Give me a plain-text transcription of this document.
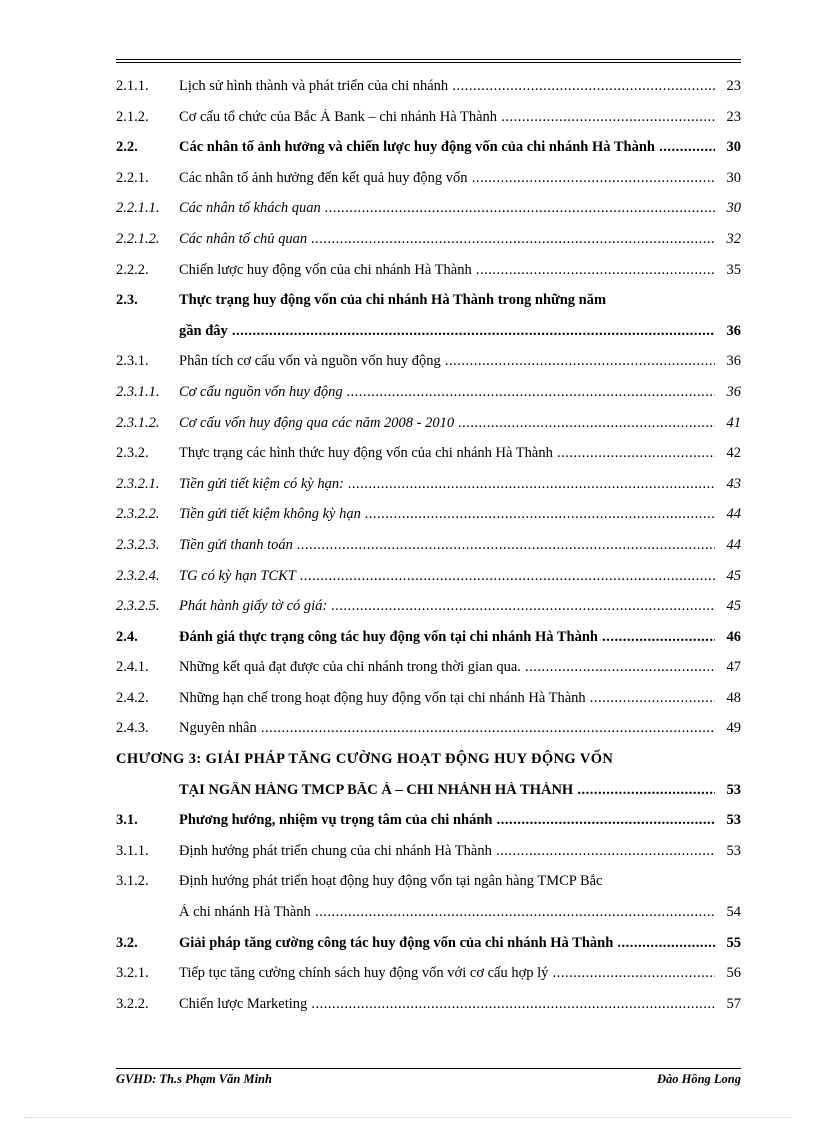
2.1.1. Lịch sử hình thành và phát triển của chi nhánh .....	23
2.1.2. Cơ cấu tổ chức của Bắc Á Bank – chi nhánh Hà Thành .....	23
2.2.	Các nhân tố ảnh hưởng và chiến lược huy động vốn của chi nhánh Hà Thành .....	30
2.2.1. Các nhân tố ảnh hưởng đến kết quả huy động vốn .....	30
2.2.1.1. Các nhân tố khách quan .....	30
2.2.1.2. Các nhân tố chủ quan .....	32
2.2.2. Chiến lược huy động vốn của chi nhánh Hà Thành .....	35
2.3.	Thực trạng huy động vốn của chi nhánh Hà Thành trong những năm
gần đây .....	36
2.3.1. Phân tích cơ cấu vốn và nguồn vốn huy động .....	36
2.3.1.1. Cơ cấu nguồn vốn huy động .....	36
2.3.1.2. Cơ cấu vốn huy động qua các năm 2008 - 2010 .....	41
2.3.2. Thực trạng các hình thức huy động vốn của chi nhánh Hà Thành .....	42
2.3.2.1. Tiền gửi tiết kiệm có kỳ hạn: .....	43
2.3.2.2. Tiền gửi tiết kiệm không kỳ hạn .....	44
2.3.2.3. Tiền gửi thanh toán .....	44
2.3.2.4. TG có kỳ hạn TCKT .....	45
2.3.2.5. Phát hành giấy tờ có giá: .....	45
2.4.	Đánh giá thực trạng công tác huy động vốn tại chi nhánh Hà Thành .....	46
2.4.1. Những kết quả đạt được của chi nhánh trong thời gian qua. .....	47
2.4.2. Những hạn chế trong hoạt động huy động vốn tại chi nhánh Hà Thành .....	48
2.4.3. Nguyên nhân .....	49
CHƯƠNG 3: GIẢI PHÁP TĂNG CƯỜNG HOẠT ĐỘNG HUY ĐỘNG VỐN
TẠI NGÂN HÀNG TMCP BẮC Á – CHI NHÁNH HÀ THÀNH .....	53
3.1.	Phương hướng, nhiệm vụ trọng tâm của chi nhánh .....	53
3.1.1. Định hướng phát triển chung của chi nhánh Hà Thành .....	53
3.1.2. Định hướng phát triển hoạt động huy động vốn tại ngân hàng TMCP Bắc
Á chi nhánh Hà Thành .....	54
3.2.	Giải pháp tăng cường công tác huy động vốn của chi nhánh Hà Thành .....	55
3.2.1. Tiếp tục tăng cường chính sách huy động vốn với cơ cấu hợp lý .....	56
3.2.2. Chiến lược Marketing .....	57
GVHD: Th.s Phạm Văn Minh	Đào Hồng Long
